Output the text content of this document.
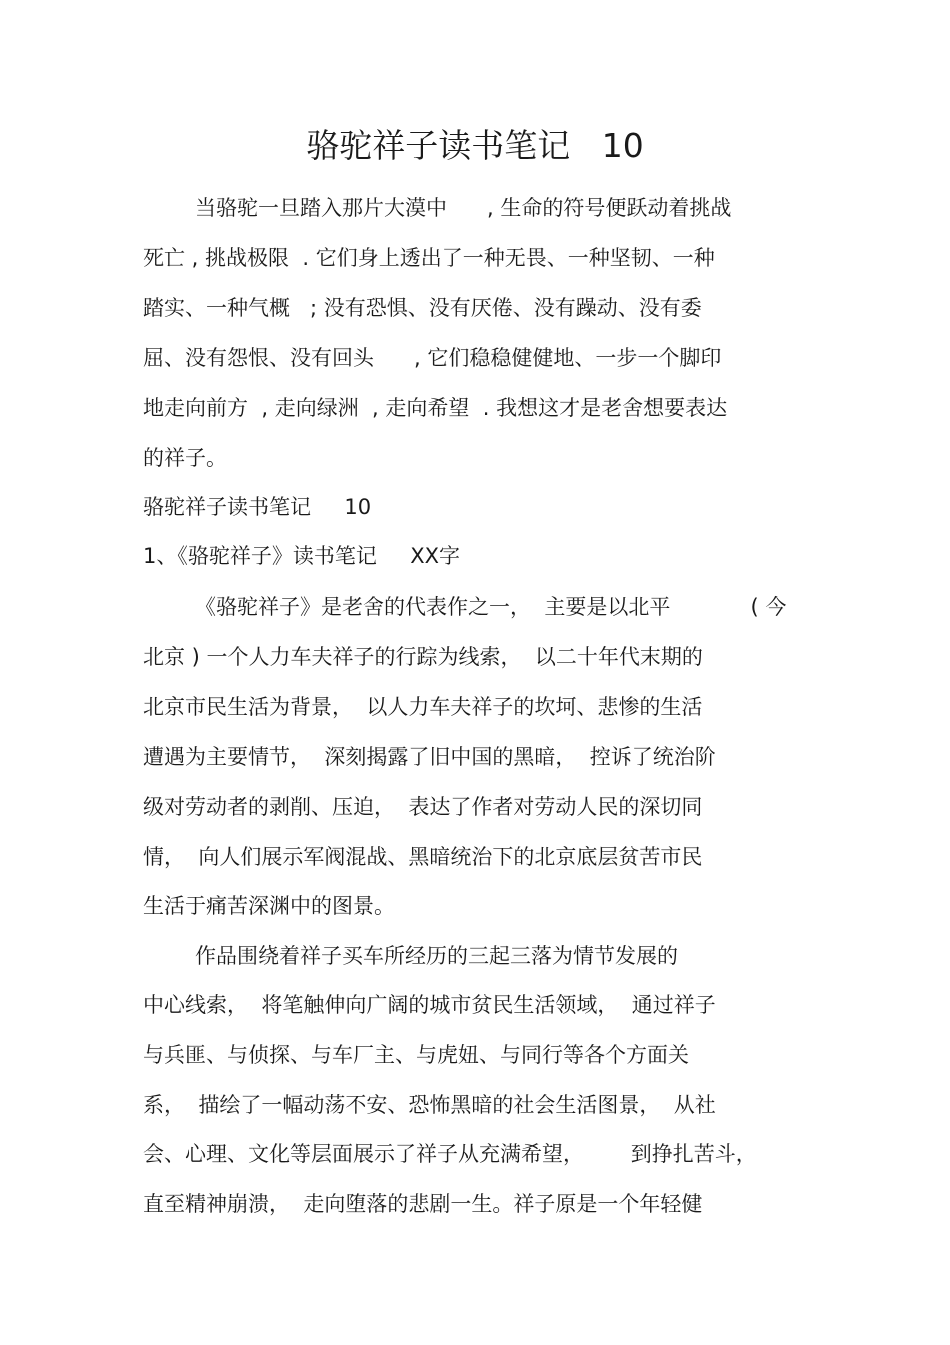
骆驼祥子读书笔记   10
当骆驼一旦踏入那片大漠中      , 生命的符号便跃动着挑战
死亡 , 挑战极限  . 它们身上透出了一种无畏、一种坚韧、一种
踏实、一种气概   ; 没有恐惧、没有厌倦、没有躁动、没有委
屈、没有怨恨、没有回头      , 它们稳稳健健地、一步一个脚印
地走向前方  , 走向绿洲  , 走向希望  . 我想这才是老舍想要表达
的祥子。
骆驼祥子读书笔记     10
1、《骆驼祥子》读书笔记     XX字
《骆驼祥子》是老舍的代表作之一，  主要是以北平            ( 今
北京 ) 一个人力车夫祥子的行踪为线索，  以二十年代末期的
北京市民生活为背景，  以人力车夫祥子的坎坷、悲惨的生活
遭遇为主要情节，  深刻揭露了旧中国的黑暗，  控诉了统治阶
级对劳动者的剥削、压迫，  表达了作者对劳动人民的深切同
情，  向人们展示军阀混战、黑暗统治下的北京底层贫苦市民
生活于痛苦深渊中的图景。
作品围绕着祥子买车所经历的三起三落为情节发展的
中心线索，  将笔触伸向广阔的城市贫民生活领域，  通过祥子
与兵匪、与侦探、与车厂主、与虎妞、与同行等各个方面关
系，  描绘了一幅动荡不安、恐怖黑暗的社会生活图景，  从社
会、心理、文化等层面展示了祥子从充满希望，       到挣扎苦斗，
直至精神崩溃，  走向堕落的悲剧一生。祥子原是一个年轻健
